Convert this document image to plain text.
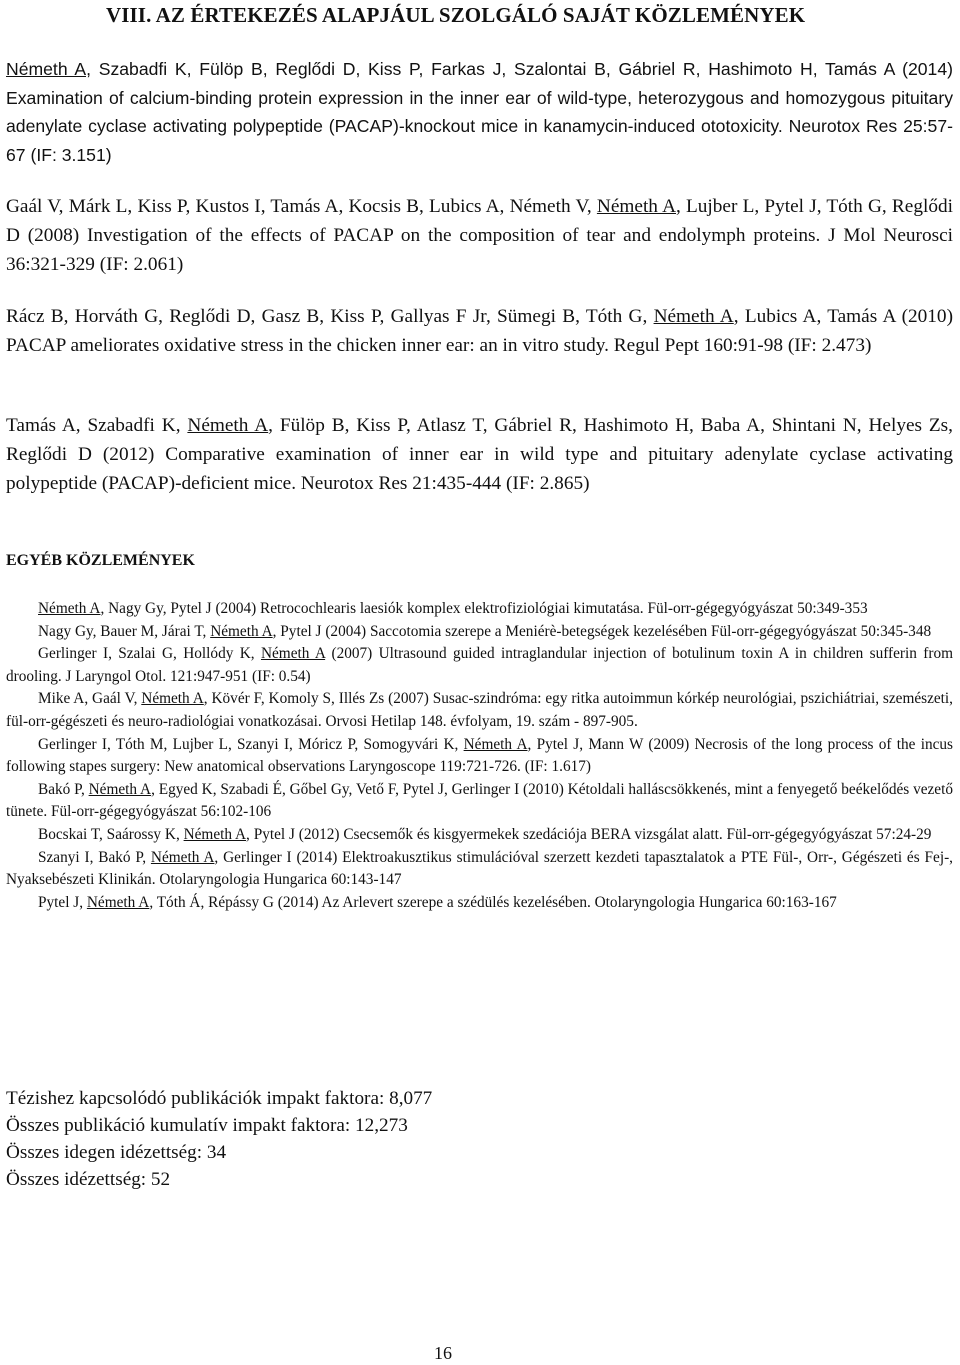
VIII. AZ ÉRTEKEZÉS ALAPJÁUL SZOLGÁLÓ SAJÁT KÖZLEMÉNYEK

Németh A, Szabadfi K, Fülöp B, Reglődi D, Kiss P, Farkas J, Szalontai B, Gábriel R, Hashimoto H, Tamás A (2014) Examination of calcium-binding protein expression in the inner ear of wild-type, heterozygous and homozygous pituitary adenylate cyclase activating polypeptide (PACAP)-knockout mice in kanamycin-induced ototoxicity. Neurotox Res 25:57-67 (IF: 3.151)

Gaál V, Márk L, Kiss P, Kustos I, Tamás A, Kocsis B, Lubics A, Németh V, Németh A, Lujber L, Pytel J, Tóth G, Reglődi D (2008) Investigation of the effects of PACAP on the composition of tear and endolymph proteins. J Mol Neurosci 36:321-329 (IF: 2.061)

Rácz B, Horváth G, Reglődi D, Gasz B, Kiss P, Gallyas F Jr, Sümegi B, Tóth G, Németh A, Lubics A, Tamás A (2010) PACAP ameliorates oxidative stress in the chicken inner ear: an in vitro study. Regul Pept 160:91-98 (IF: 2.473)

Tamás A, Szabadfi K, Németh A, Fülöp B, Kiss P, Atlasz T, Gábriel R, Hashimoto H, Baba A, Shintani N, Helyes Zs, Reglődi D (2012) Comparative examination of inner ear in wild type and pituitary adenylate cyclase activating polypeptide (PACAP)-deficient mice. Neurotox Res 21:435-444 (IF: 2.865)

EGYÉB KÖZLEMÉNYEK
Németh A, Nagy Gy, Pytel J (2004) Retrocochlearis laesiók komplex elektrofiziológiai kimutatása. Fül-orr-gégegyógyászat 50:349-353
Nagy Gy, Bauer M, Járai T, Németh A, Pytel J (2004) Saccotomia szerepe a Meniérè-betegségek kezelésében Fül-orr-gégegyógyászat 50:345-348
Gerlinger I, Szalai G, Hollódy K, Németh A (2007) Ultrasound guided intraglandular injection of botulinum toxin A in children sufferin from drooling. J Laryngol Otol. 121:947-951 (IF: 0.54)
Mike A, Gaál V, Németh A, Kövér F, Komoly S, Illés Zs (2007) Susac-szindróma: egy ritka autoimmun kórkép neurológiai, pszichiátriai, szemészeti, fül-orr-gégészeti és neuro-radiológiai vonatkozásai. Orvosi Hetilap 148. évfolyam, 19. szám - 897-905.
Gerlinger I, Tóth M, Lujber L, Szanyi I, Móricz P, Somogyvári K, Németh A, Pytel J, Mann W (2009) Necrosis of the long process of the incus following stapes surgery: New anatomical observations Laryngoscope 119:721-726. (IF: 1.617)
Bakó P, Németh A, Egyed K, Szabadi É, Gőbel Gy, Vető F, Pytel J, Gerlinger I (2010) Kétoldali halláscsökkenés, mint a fenyegető beékelődés vezető tünete. Fül-orr-gégegyógyászat 56:102-106
Bocskai T, Saárossy K, Németh A, Pytel J (2012) Csecsemők és kisgyermekek szedációja BERA vizsgálat alatt. Fül-orr-gégegyógyászat 57:24-29
Szanyi I, Bakó P, Németh A, Gerlinger I (2014) Elektroakusztikus stimulációval szerzett kezdeti tapasztalatok a PTE Fül-, Orr-, Gégészeti és Fej-, Nyaksebészeti Klinikán. Otolaryngologia Hungarica 60:143-147
Pytel J, Németh A, Tóth Á, Répássy G (2014) Az Arlevert szerepe a szédülés kezelésében. Otolaryngologia Hungarica 60:163-167
Tézishez kapcsolódó publikációk impakt faktora: 8,077
Összes publikáció kumulatív impakt faktora: 12,273
Összes idegen idézettség: 34
Összes idézettség: 52
16
